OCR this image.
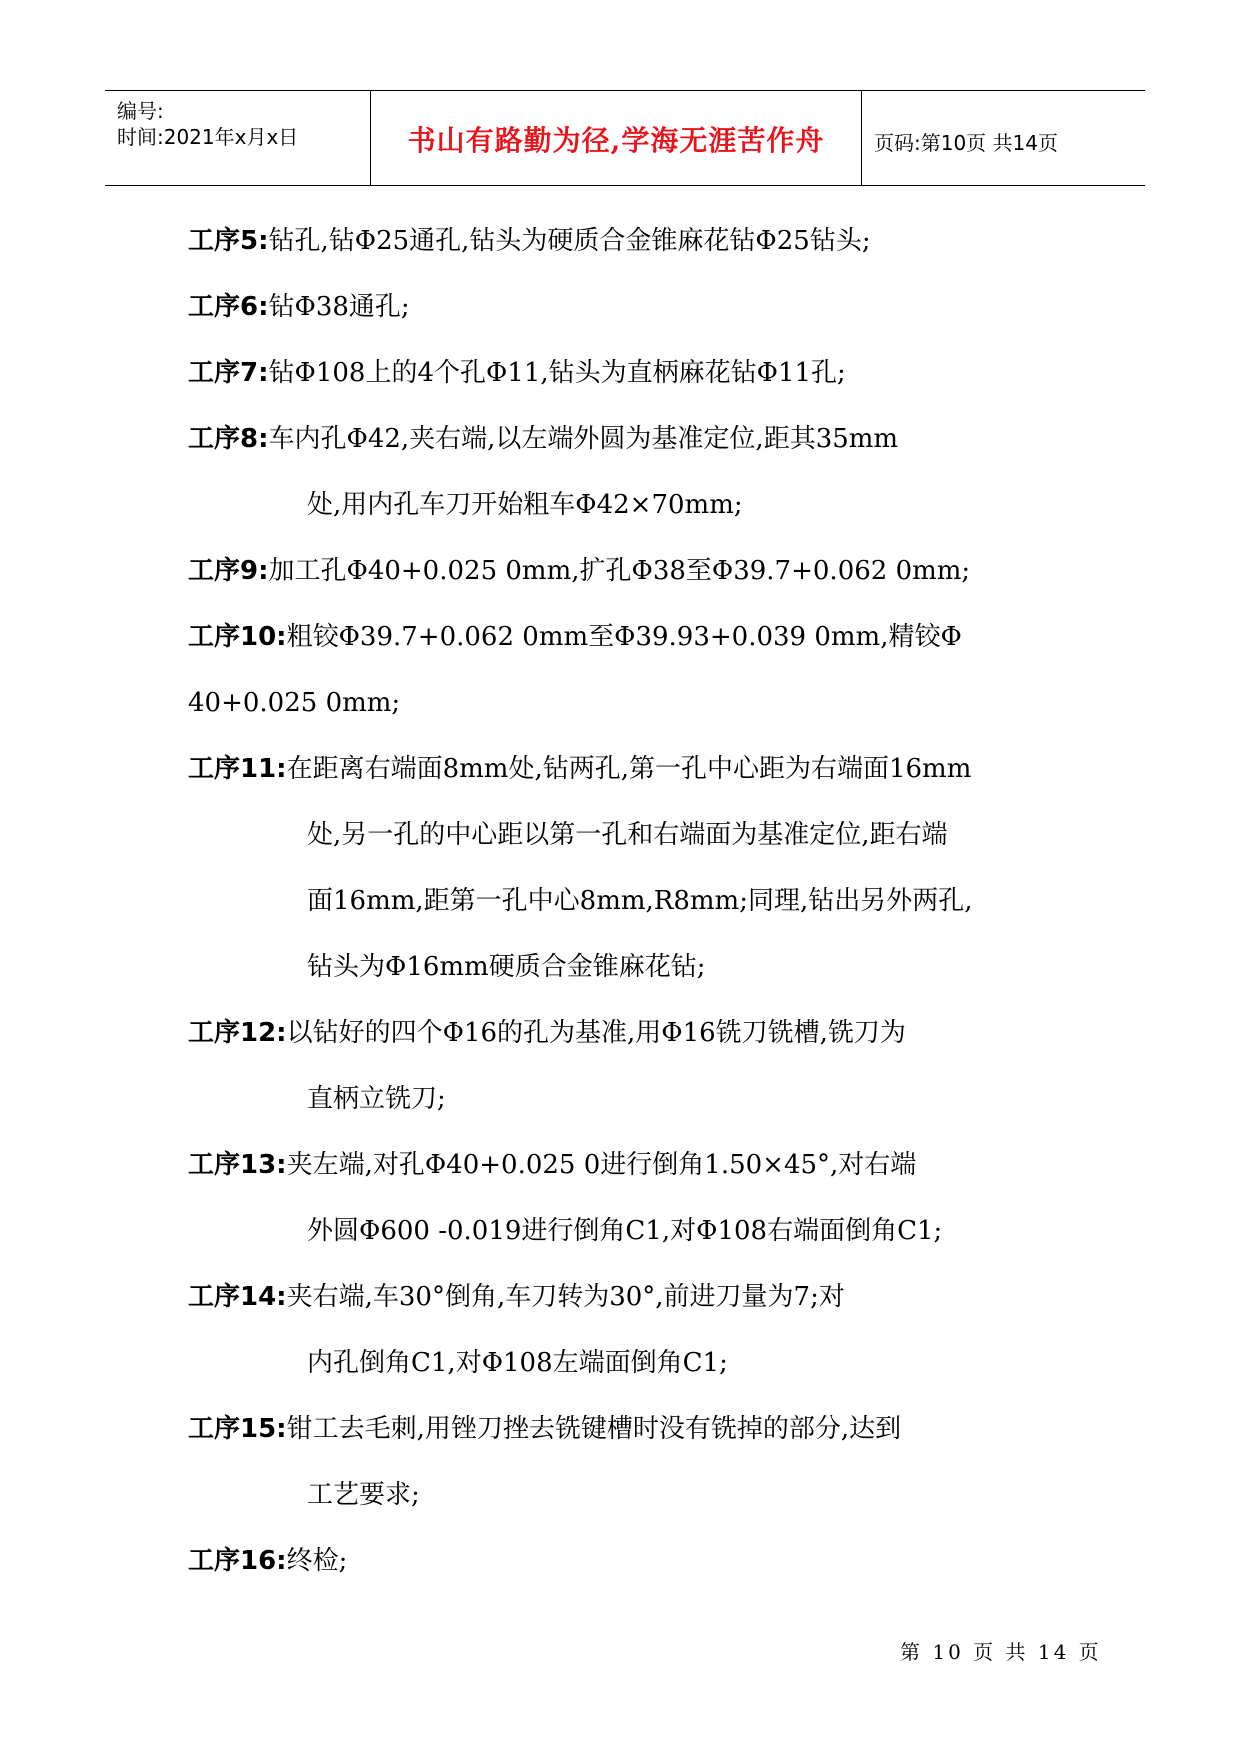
编号:
时间:2021年x月x日	书山有路勤为径,学海无涯苦作舟	页码:第10页 共14页
工序5:钻孔,钻Φ25通孔,钻头为硬质合金锥麻花钻Φ25钻头;
工序6:钻Φ38通孔;
工序7:钻Φ108上的4个孔Φ11,钻头为直柄麻花钻Φ11孔;
工序8:车内孔Φ42,夹右端,以左端外圆为基准定位,距其35mm
处,用内孔车刀开始粗车Φ42×70mm;
工序9:加工孔Φ40+0.025 0mm,扩孔Φ38至Φ39.7+0.062 0mm;
工序10:粗铰Φ39.7+0.062 0mm至Φ39.93+0.039 0mm,精铰Φ
40+0.025 0mm;
工序11:在距离右端面8mm处,钻两孔,第一孔中心距为右端面16mm
处,另一孔的中心距以第一孔和右端面为基准定位,距右端
面16mm,距第一孔中心8mm,R8mm;同理,钻出另外两孔,
钻头为Φ16mm硬质合金锥麻花钻;
工序12:以钻好的四个Φ16的孔为基准,用Φ16铣刀铣槽,铣刀为
直柄立铣刀;
工序13:夹左端,对孔Φ40+0.025 0进行倒角1.50×45°,对右端
外圆Φ600 -0.019进行倒角C1,对Φ108右端面倒角C1;
工序14:夹右端,车30°倒角,车刀转为30°,前进刀量为7;对
内孔倒角C1,对Φ108左端面倒角C1;
工序15:钳工去毛刺,用锉刀挫去铣键槽时没有铣掉的部分,达到
工艺要求;
工序16:终检;
第 10 页 共 14 页
